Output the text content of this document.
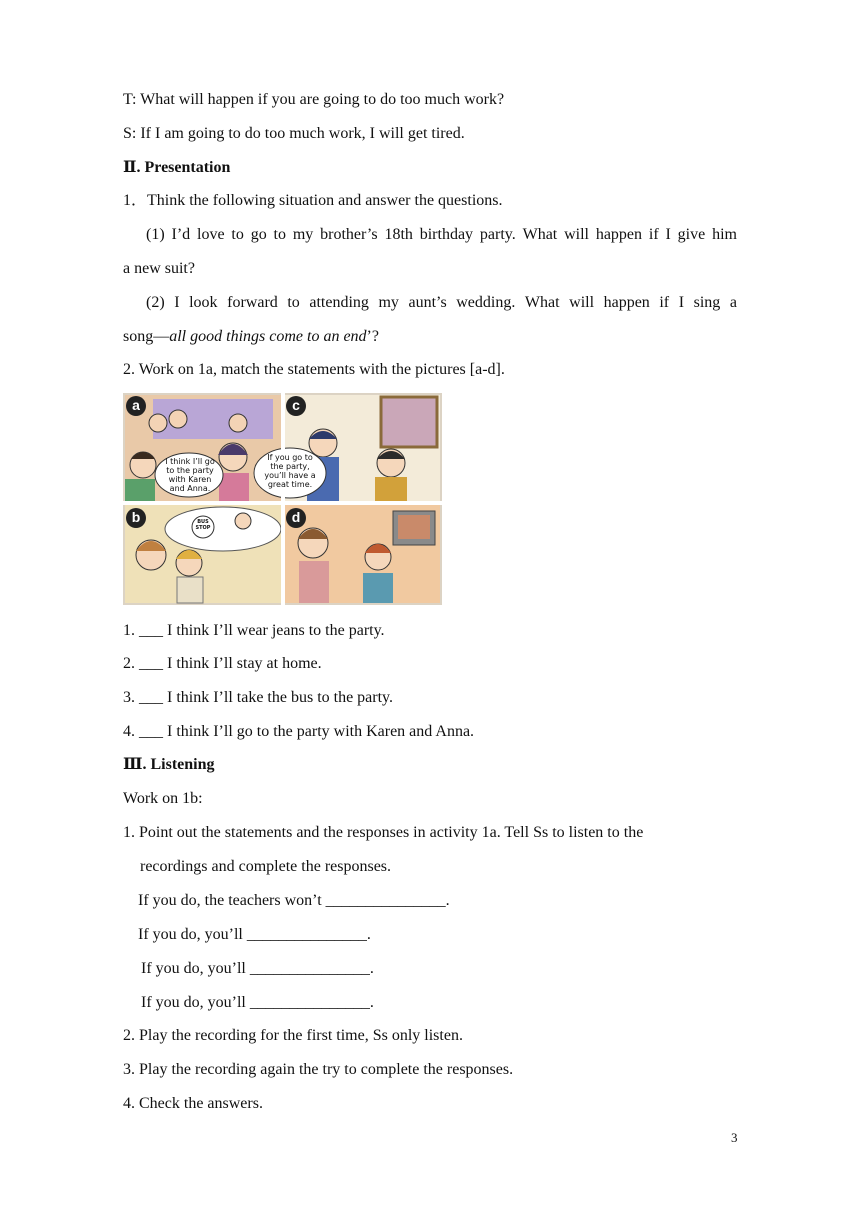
T: What will happen if you are going to do too much work?
S: If I am going to do too much work, I will get tired.
Ⅱ. Presentation
1．Think the following situation and answer the questions.
(1) I’d love to go to my brother’s 18th birthday party. What will happen if I give him
a new suit?
(2) I look forward to attending my aunt’s wedding. What will happen if I sing a
song—all good things come to an end’?
2. Work on 1a, match the statements with the pictures [a-d].
a	c
b	d
I think I’ll go to the party with Karen and Anna.
If you go to the party, you’ll have a great time.
BUS STOP
1. ___ I think I’ll wear jeans to the party.
2. ___ I think I’ll stay at home.
3. ___ I think I’ll take the bus to the party.
4. ___ I think I’ll go to the party with Karen and Anna.
Ⅲ. Listening
Work on 1b:
1. Point out the statements and the responses in activity 1a. Tell Ss to listen to the
recordings and complete the responses.
If you do, the teachers won’t _______________.
If you do, you’ll _______________.
If you do, you’ll _______________.
If you do, you’ll _______________.
2. Play the recording for the first time, Ss only listen.
3. Play the recording again the try to complete the responses.
4. Check the answers.
3
